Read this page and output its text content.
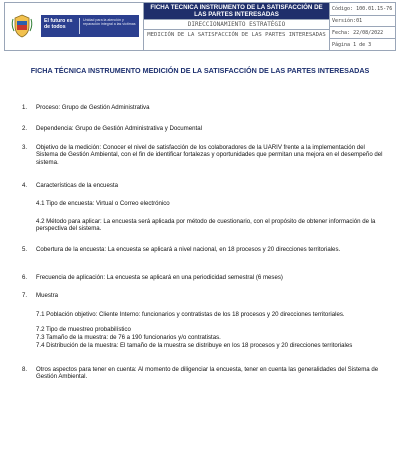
El futuro es de todos
Unidad para la atención y reparación integral a las víctimas
FICHA TECNICA INSTRUMENTO DE LA SATISFACCIÓN DE LAS PARTES INTERESADAS
DIRECCIONAMIENTO ESTRATÉGIO
MEDICIÓN DE LA SATISFACCIÓN DE LAS PARTES INTERESADAS
Código: 100.01.15-76
Versión:01
Fecha: 22/08/2022
Página 1 de 3
FICHA TÉCNICA INSTRUMENTO MEDICIÓN DE LA SATISFACCIÓN DE LAS PARTES INTERESADAS
1. Proceso: Grupo de Gestión Administrativa
2. Dependencia: Grupo de Gestión Administrativa y Documental
3. Objetivo de la medición: Conocer el nivel de satisfacción de los colaboradores de la UARIV frente a la implementación del Sistema de Gestión Ambiental, con el fin de identificar fortalezas y oportunidades que permitan una mejora en el desempeño del sistema.
4. Características de la encuesta
4.1 Tipo de encuesta: Virtual o Correo electrónico
4.2 Método para aplicar: La encuesta será aplicada por método de cuestionario, con el propósito de obtener información de la perspectiva del sistema.
5. Cobertura de la encuesta: La encuesta se aplicará a nivel nacional, en 18 procesos y 20 direcciones territoriales.
6. Frecuencia de aplicación: La encuesta se aplicará en una periodicidad semestral (6 meses)
7. Muestra
7.1 Población objetivo: Cliente Interno: funcionarios y contratistas de los 18 procesos y 20 direcciones territoriales.
7.2 Tipo de muestreo probabilístico
7.3 Tamaño de la muestra: de 76 a 190 funcionarios y/o contratistas.
7.4 Distribución de la muestra: El tamaño de la muestra se distribuye en los 18 procesos y 20 direcciones territoriales
8. Otros aspectos para tener en cuenta: Al momento de diligenciar la encuesta, tener en cuenta las generalidades del Sistema de Gestión Ambiental.
